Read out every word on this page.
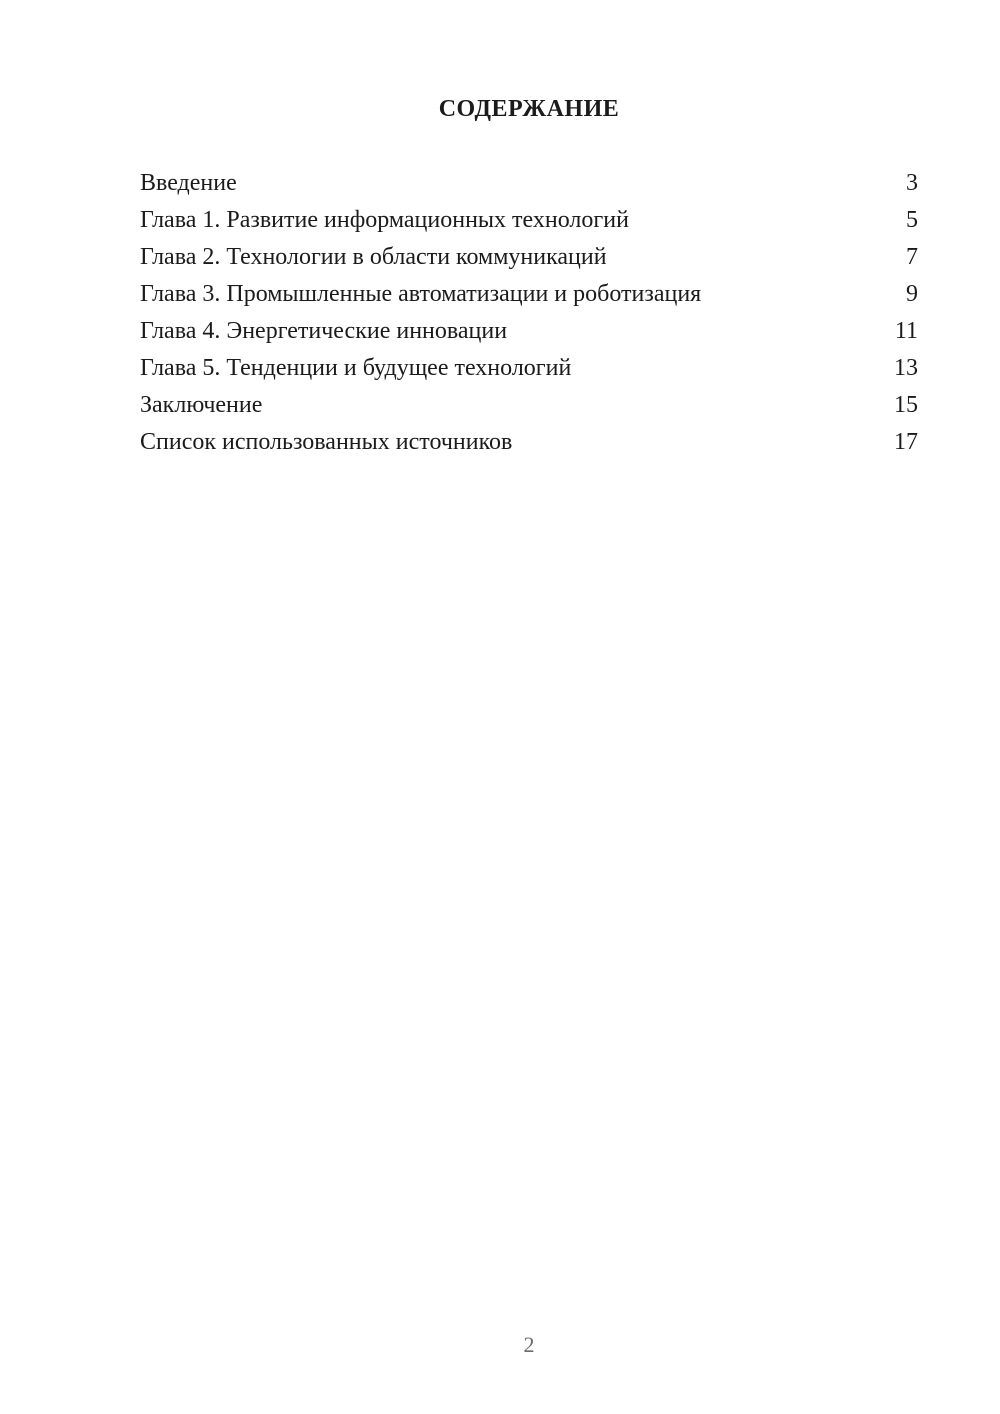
СОДЕРЖАНИЕ
Введение	3
Глава 1. Развитие информационных технологий	5
Глава 2. Технологии в области коммуникаций	7
Глава 3. Промышленные автоматизации и роботизация	9
Глава 4. Энергетические инновации	11
Глава 5. Тенденции и будущее технологий	13
Заключение	15
Список использованных источников	17
2
